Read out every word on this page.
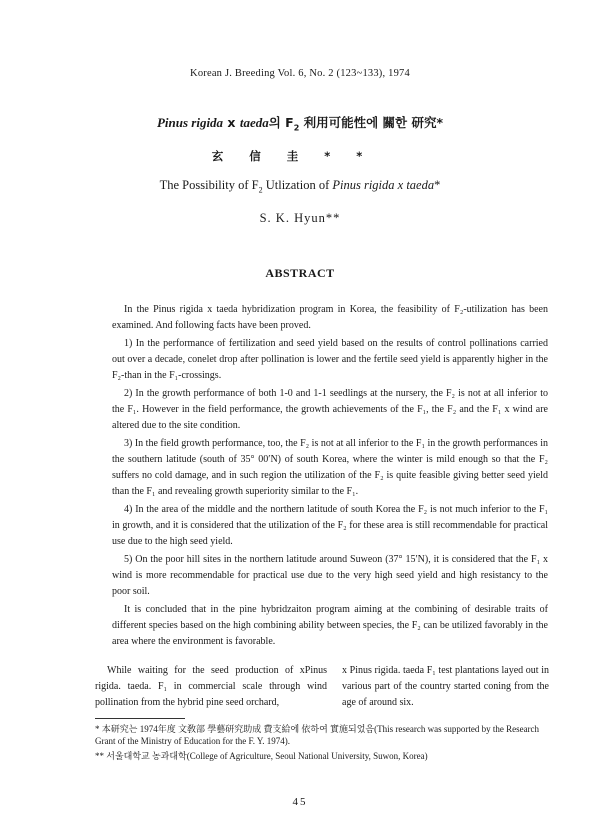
Korean J. Breeding Vol. 6, No. 2 (123~133), 1974
Pinus rigida x taeda의 $F_2$ 利用可能性에 關한 研究*
玄信圭**
The Possibility of $F_2$ Utlization of Pinus rigida x taeda*
S. K. Hyun**
ABSTRACT

In the Pinus rigida x taeda hybridization program in Korea, the feasibility of F₂-utilization has been examined. And following facts have been proved.

1) In the performance of fertilization and seed yield based on the results of control pollinations carried out over a decade, conelet drop after pollination is lower and the fertile seed yield is apparently higher in the F₂-than in the F₁-crossings.

2) In the growth performance of both 1-0 and 1-1 seedlings at the nursery, the F₂ is not at all inferior to the F₁. However in the field performance, the growth achievements of the F₁, the F₂ and the F₁ x wind are altered due to the site condition.

3) In the field growth performance, too, the F₂ is not at all inferior to the F₁ in the growth performances in the southern latitude (south of 35° 00′N) of south Korea, where the winter is mild enough so that the F₂ suffers no cold damage, and in such region the utilization of the F₂ is quite feasible giving better seed yield than the F₁ and revealing growth superiority similar to the F₁.

4) In the area of the middle and the northern latitude of south Korea the F₂ is not much inferior to the F₁ in growth, and it is considered that the utilization of the F₂ for these area is still recommendable for practical use due to the high seed yield.

5) On the poor hill sites in the northern latitude around Suweon (37° 15′N), it is considered that the F₁ x wind is more recommendable for practical use due to the very high seed yield and high resistancy to the poor soil.

It is concluded that in the pine hybridzaiton program aiming at the combining of desirable traits of different species based on the high combining ability between species, the F₂ can be utilized favorably in the area where the environment is favorable.

While waiting for the seed production of xPinus rigida. taeda. F₁ in commercial scale through wind pollination from the hybrid pine seed orchard,

x Pinus rigida. taeda F₁ test plantations layed out in various part of the country started coning from the age of around six.

* 本研究는 1974年度 文敎部 學藝研究助成 費支給에 依하여 實施되었음(This research was supported by the Research Grant of the Ministry of Education for the F. Y. 1974).
** 서울대학교 농과대학(College of Agriculture, Seoul National University, Suwon, Korea)
45
